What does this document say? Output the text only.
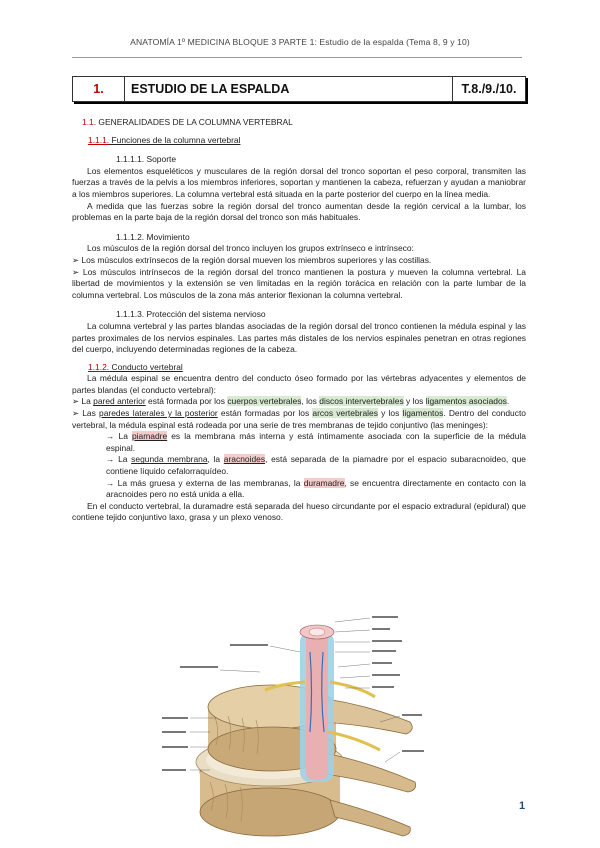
ANATOMÍA 1º MEDICINA BLOQUE 3 PARTE 1: Estudio de la espalda (Tema 8, 9 y 10)
1.	ESTUDIO DE LA ESPALDA	T.8./9./10.

1.1. GENERALIDADES DE LA COLUMNA VERTEBRAL

1.1.1. Funciones de la columna vertebral

1.1.1.1. Soporte

Los elementos esqueléticos y musculares de la región dorsal del tronco soportan el peso corporal, transmiten las fuerzas a través de la pelvis a los miembros inferiores, soportan y mantienen la cabeza, refuerzan y ayudan a maniobrar a los miembros superiores. La columna vertebral está situada en la parte posterior del cuerpo en la línea media.

A medida que las fuerzas sobre la región dorsal del tronco aumentan desde la región cervical a la lumbar, los problemas en la parte baja de la región dorsal del tronco son más habituales.

1.1.1.2. Movimiento

Los músculos de la región dorsal del tronco incluyen los grupos extrínseco e intrínseco:

➢ Los músculos extrínsecos de la región dorsal mueven los miembros superiores y las costillas.

➢ Los músculos intrínsecos de la región dorsal del tronco mantienen la postura y mueven la columna vertebral. La libertad de movimientos y la extensión se ven limitadas en la región torácica en relación con la parte lumbar de la columna vertebral. Los músculos de la zona más anterior flexionan la columna vertebral.

1.1.1.3. Protección del sistema nervioso

La columna vertebral y las partes blandas asociadas de la región dorsal del tronco contienen la médula espinal y las partes proximales de los nervios espinales. Las partes más distales de los nervios espinales penetran en otras regiones del cuerpo, incluyendo determinadas regiones de la cabeza.

1.1.2. Conducto vertebral

La médula espinal se encuentra dentro del conducto óseo formado por las vértebras adyacentes y elementos de partes blandas (el conducto vertebral):

➢ La pared anterior está formada por los cuerpos vertebrales, los discos intervertebrales y los ligamentos asociados.

➢ Las paredes laterales y la posterior están formadas por los arcos vertebrales y los ligamentos. Dentro del conducto vertebral, la médula espinal está rodeada por una serie de tres membranas de tejido conjuntivo (las meninges):

→ La piamadre es la membrana más interna y está íntimamente asociada con la superficie de la médula espinal.

→ La segunda membrana, la aracnoides, está separada de la piamadre por el espacio subaracnoideo, que contiene líquido cefalorraquídeo.

→ La más gruesa y externa de las membranas, la duramadre, se encuentra directamente en contacto con la aracnoides pero no está unida a ella.

En el conducto vertebral, la duramadre está separada del hueso circundante por el espacio extradural (epidural) que contiene tejido conjuntivo laxo, grasa y un plexo venoso.

1
